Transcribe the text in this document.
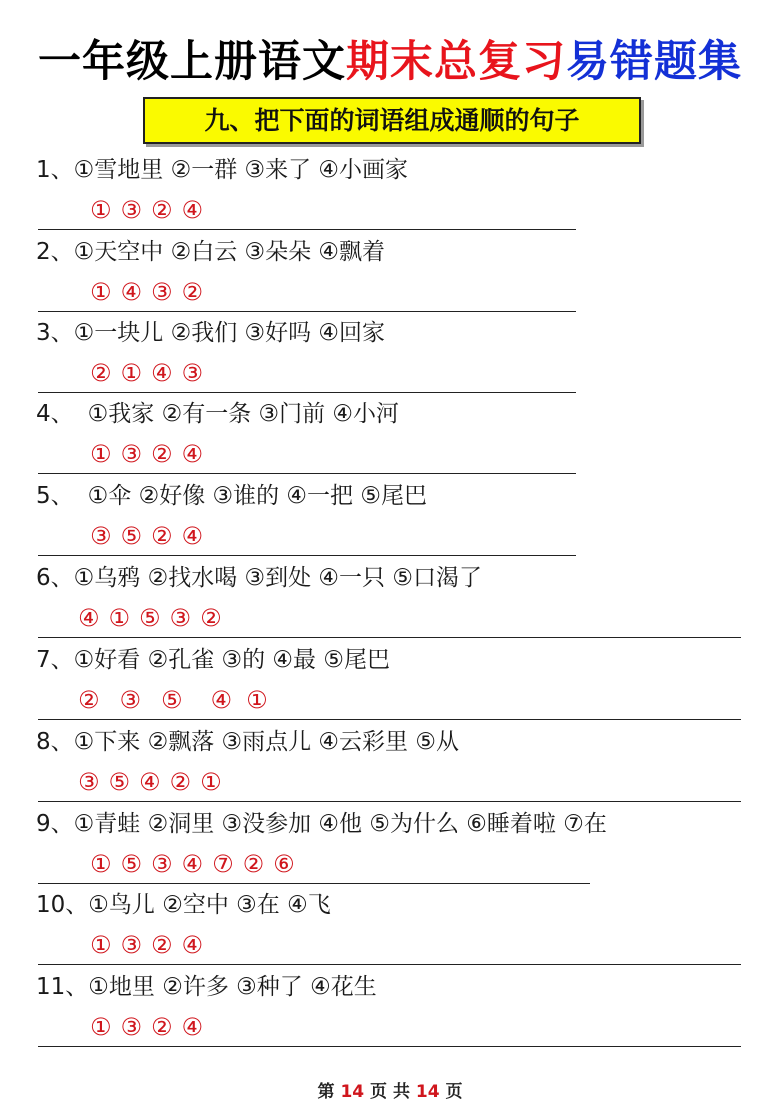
一年级上册语文期末总复习易错题集
九、把下面的词语组成通顺的句子
1、①雪地里 ②一群 ③来了 ④小画家
① ③ ② ④
2、①天空中 ②白云 ③朵朵 ④飘着
① ④ ③ ②
3、①一块儿 ②我们 ③好吗 ④回家
② ① ④ ③
4、 ①我家 ②有一条 ③门前 ④小河
① ③ ② ④
5、 ①伞 ②好像 ③谁的 ④一把 ⑤尾巴
③ ⑤ ② ④
6、①乌鸦 ②找水喝 ③到处 ④一只 ⑤口渴了
④ ① ⑤ ③ ②
7、①好看 ②孔雀 ③的 ④最 ⑤尾巴
② ③ ⑤ ④ ①
8、①下来 ②飘落 ③雨点儿 ④云彩里 ⑤从
③ ⑤ ④ ② ①
9、①青蛙 ②洞里 ③没参加 ④他 ⑤为什么 ⑥睡着啦 ⑦在
① ⑤ ③ ④ ⑦ ② ⑥
10、①鸟儿 ②空中 ③在 ④飞
① ③ ② ④
11、①地里 ②许多 ③种了 ④花生
① ③ ② ④
第 14 页 共 14 页
